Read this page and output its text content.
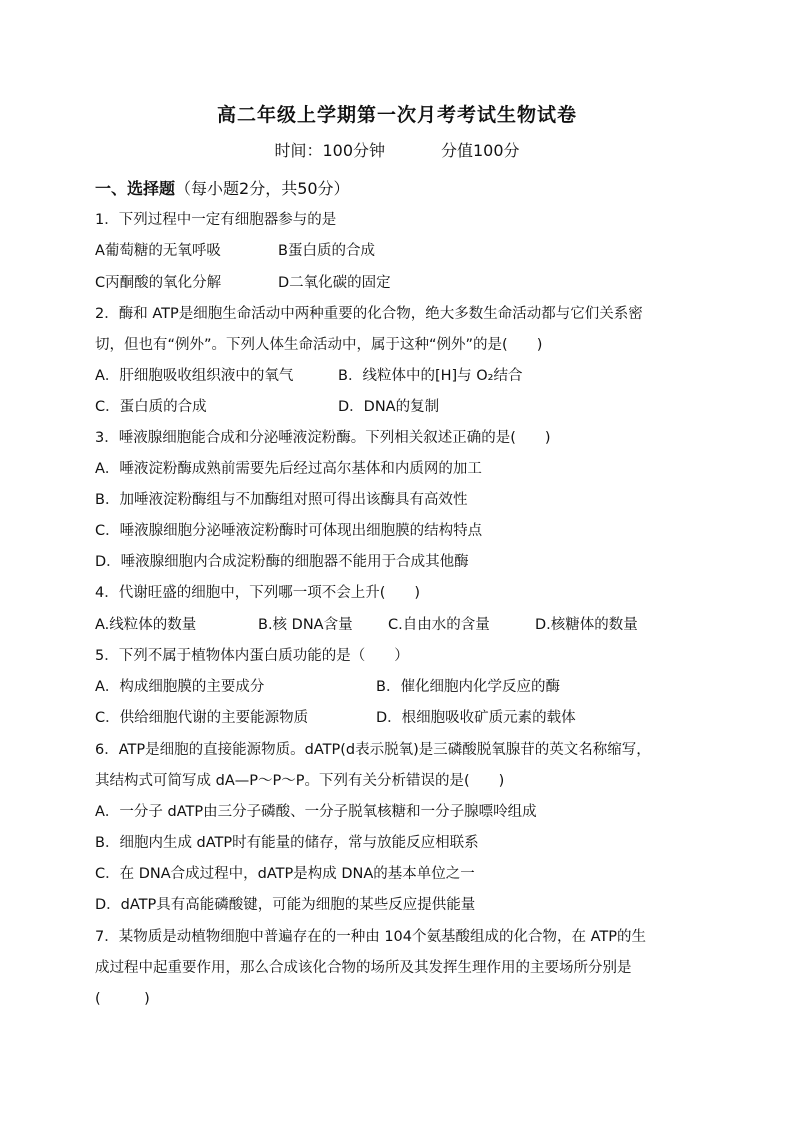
高二年级上学期第一次月考考试生物试卷
时间：100分钟	分值100分
一、选择题（每小题2分，共50分）
1．下列过程中一定有细胞器参与的是
A葡萄糖的无氧呼吸	B蛋白质的合成
C丙酮酸的氧化分解	D二氧化碳的固定
2．酶和 ATP是细胞生命活动中两种重要的化合物，绝大多数生命活动都与它们关系密
切，但也有“例外”。下列人体生命活动中，属于这种“例外”的是(　　)
A．肝细胞吸收组织液中的氧气	B．线粒体中的[H]与 O₂结合
C．蛋白质的合成	D．DNA的复制
3．唾液腺细胞能合成和分泌唾液淀粉酶。下列相关叙述正确的是(　　)
A．唾液淀粉酶成熟前需要先后经过高尔基体和内质网的加工
B．加唾液淀粉酶组与不加酶组对照可得出该酶具有高效性
C．唾液腺细胞分泌唾液淀粉酶时可体现出细胞膜的结构特点
D．唾液腺细胞内合成淀粉酶的细胞器不能用于合成其他酶
4．代谢旺盛的细胞中，下列哪一项不会上升(　　)
A.线粒体的数量	B.核 DNA含量 C.自由水的含量	D.核糖体的数量
5．下列不属于植物体内蛋白质功能的是（　　）
A．构成细胞膜的主要成分	B．催化细胞内化学反应的酶
C．供给细胞代谢的主要能源物质	D．根细胞吸收矿质元素的载体
6．ATP是细胞的直接能源物质。dATP(d表示脱氧)是三磷酸脱氧腺苷的英文名称缩写，
其结构式可简写成 dA—P～P～P。下列有关分析错误的是(　　)
A．一分子 dATP由三分子磷酸、一分子脱氧核糖和一分子腺嘌呤组成
B．细胞内生成 dATP时有能量的储存，常与放能反应相联系
C．在 DNA合成过程中，dATP是构成 DNA的基本单位之一
D．dATP具有高能磷酸键，可能为细胞的某些反应提供能量
7．某物质是动植物细胞中普遍存在的一种由 104个氨基酸组成的化合物，在 ATP的生
成过程中起重要作用，那么合成该化合物的场所及其发挥生理作用的主要场所分别是
(　　　)
